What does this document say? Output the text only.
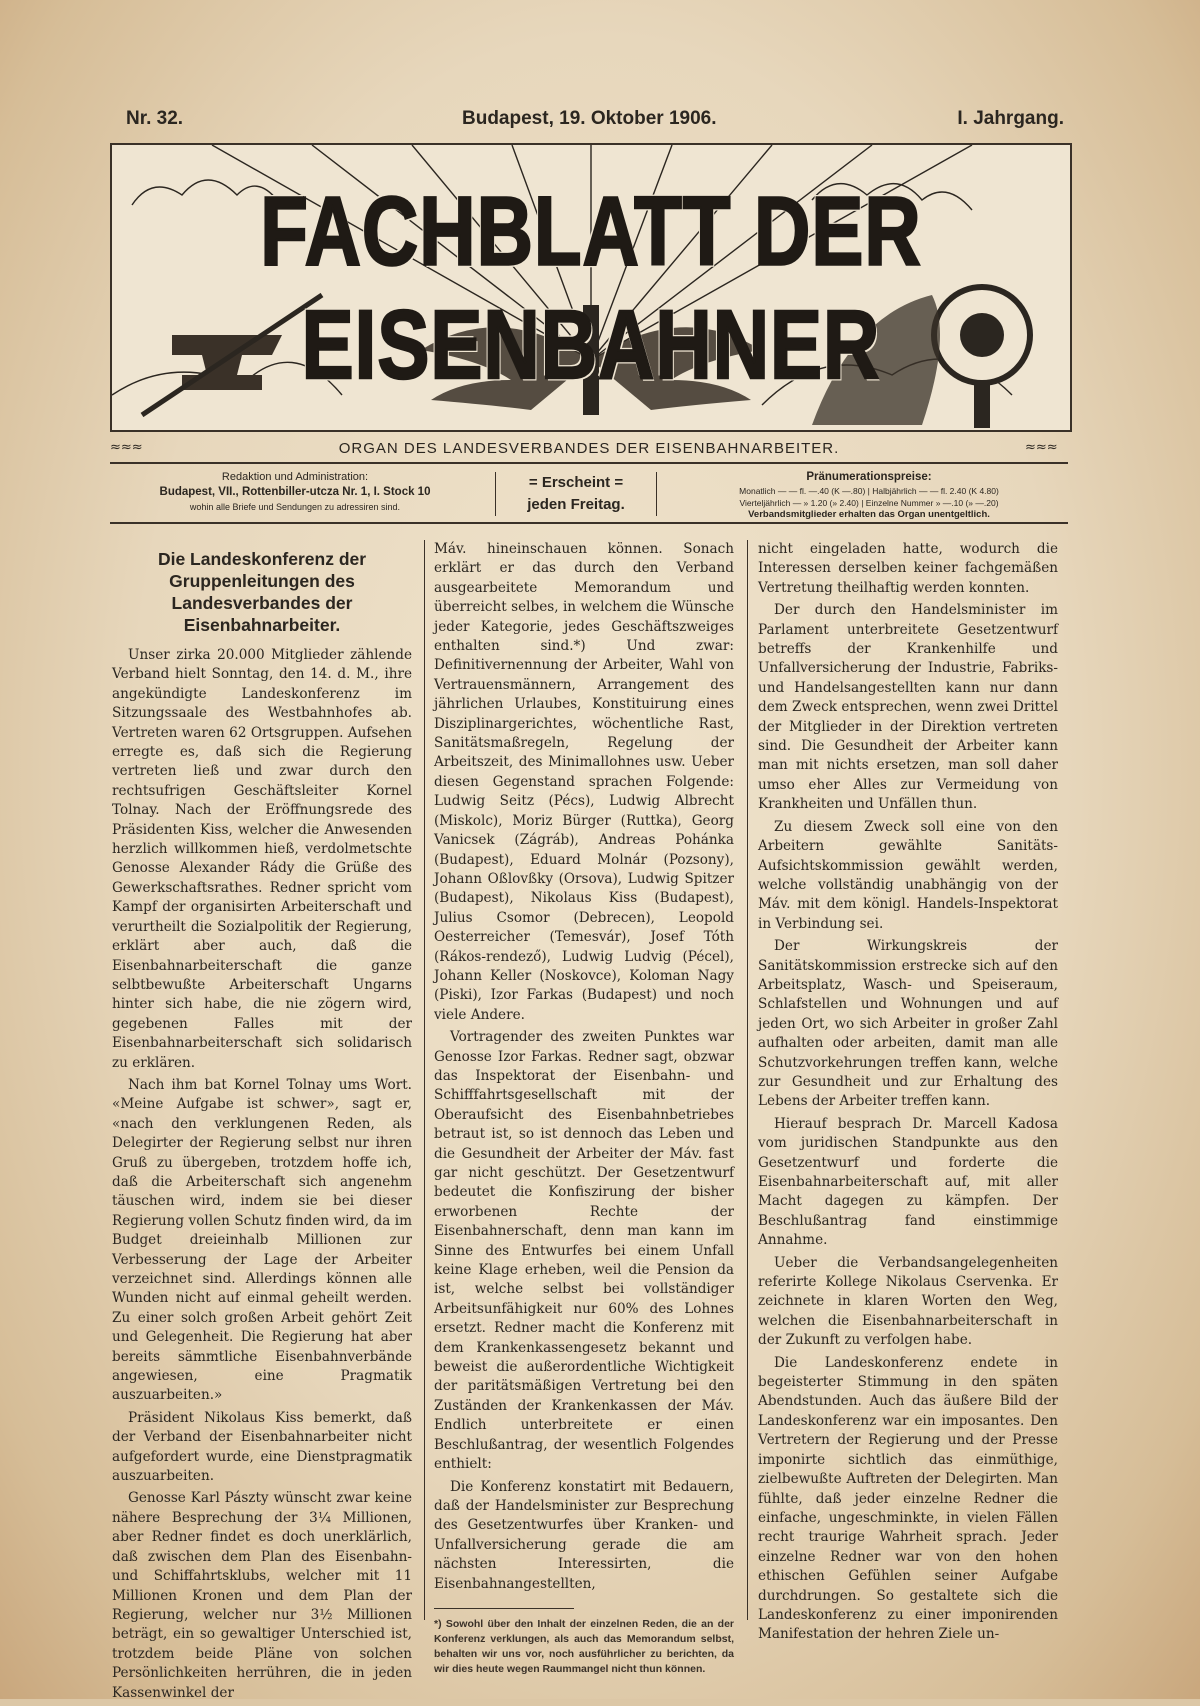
Nr. 32.	Budapest, 19. Oktober 1906.	I. Jahrgang.
FACHBLATT DER EISENBAHNER
≈≈≈	ORGAN DES LANDESVERBANDES DER EISENBAHNARBEITER.	≈≈≈
Redaktion und Administration:
Budapest, VII., Rottenbiller-utcza Nr. 1, I. Stock 10
wohin alle Briefe und Sendungen zu adressiren sind.
= Erscheint =
jeden Freitag.
Pränumerationspreise:
Monatlich — — fl. —.40 (K —.80) | Halbjährlich — — fl. 2.40 (K 4.80)
Vierteljährlich — » 1.20 (» 2.40) | Einzelne Nummer » —.10 (» —.20)
Verbandsmitglieder erhalten das Organ unentgeltlich.
Die Landeskonferenz der Gruppenleitungen des Landesverbandes der Eisenbahnarbeiter.

Unser zirka 20.000 Mitglieder zählende Verband hielt Sonntag, den 14. d. M., ihre angekündigte Landeskonferenz im Sitzungssaale des Westbahnhofes ab. Vertreten waren 62 Ortsgruppen. Aufsehen erregte es, daß sich die Regierung vertreten ließ und zwar durch den rechtsufrigen Geschäftsleiter Kornel Tolnay. Nach der Eröffnungsrede des Präsidenten Kiss, welcher die Anwesenden herzlich willkommen hieß, verdolmetschte Genosse Alexander Rády die Grüße des Gewerkschaftsrathes. Redner spricht vom Kampf der organisirten Arbeiterschaft und verurtheilt die Sozialpolitik der Regierung, erklärt aber auch, daß die Eisenbahnarbeiterschaft die ganze selbtbewußte Arbeiterschaft Ungarns hinter sich habe, die nie zögern wird, gegebenen Falles mit der Eisenbahnarbeiterschaft sich solidarisch zu erklären.

Nach ihm bat Kornel Tolnay ums Wort. «Meine Aufgabe ist schwer», sagt er, «nach den verklungenen Reden, als Delegirter der Regierung selbst nur ihren Gruß zu übergeben, trotzdem hoffe ich, daß die Arbeiterschaft sich angenehm täuschen wird, indem sie bei dieser Regierung vollen Schutz finden wird, da im Budget dreieinhalb Millionen zur Verbesserung der Lage der Arbeiter verzeichnet sind. Allerdings können alle Wunden nicht auf einmal geheilt werden. Zu einer solch großen Arbeit gehört Zeit und Gelegenheit. Die Regierung hat aber bereits sämmtliche Eisenbahnverbände angewiesen, eine Pragmatik auszuarbeiten.»

Präsident Nikolaus Kiss bemerkt, daß der Verband der Eisenbahnarbeiter nicht aufgefordert wurde, eine Dienstpragmatik auszuarbeiten.

Genosse Karl Pászty wünscht zwar keine nähere Besprechung der 3¼ Millionen, aber Redner findet es doch unerklärlich, daß zwischen dem Plan des Eisenbahn- und Schiffahrtsklubs, welcher mit 11 Millionen Kronen und dem Plan der Regierung, welcher nur 3½ Millionen beträgt, ein so gewaltiger Unterschied ist, trotzdem beide Pläne von solchen Persönlichkeiten herrühren, die in jeden Kassenwinkel der

Máv. hineinschauen können. Sonach erklärt er das durch den Verband ausgearbeitete Memorandum und überreicht selbes, in welchem die Wünsche jeder Kategorie, jedes Geschäftszweiges enthalten sind.*) Und zwar: Definitivernennung der Arbeiter, Wahl von Vertrauensmännern, Arrangement des jährlichen Urlaubes, Konstituirung eines Disziplinargerichtes, wöchentliche Rast, Sanitätsmaßregeln, Regelung der Arbeitszeit, des Minimallohnes usw. Ueber diesen Gegenstand sprachen Folgende: Ludwig Seitz (Pécs), Ludwig Albrecht (Miskolc), Moriz Bürger (Ruttka), Georg Vanicsek (Zágráb), Andreas Pohánka (Budapest), Eduard Molnár (Pozsony), Johann Oßlovßky (Orsova), Ludwig Spitzer (Budapest), Nikolaus Kiss (Budapest), Julius Csomor (Debrecen), Leopold Oesterreicher (Temesvár), Josef Tóth (Rákos-rendező), Ludwig Ludvig (Pécel), Johann Keller (Noskovce), Koloman Nagy (Piski), Izor Farkas (Budapest) und noch viele Andere.

Vortragender des zweiten Punktes war Genosse Izor Farkas. Redner sagt, obzwar das Inspektorat der Eisenbahn- und Schifffahrtsgesellschaft mit der Oberaufsicht des Eisenbahnbetriebes betraut ist, so ist dennoch das Leben und die Gesundheit der Arbeiter der Máv. fast gar nicht geschützt. Der Gesetzentwurf bedeutet die Konfiszirung der bisher erworbenen Rechte der Eisenbahnerschaft, denn man kann im Sinne des Entwurfes bei einem Unfall keine Klage erheben, weil die Pension da ist, welche selbst bei vollständiger Arbeitsunfähigkeit nur 60% des Lohnes ersetzt. Redner macht die Konferenz mit dem Krankenkassengesetz bekannt und beweist die außerordentliche Wichtigkeit der paritätsmäßigen Vertretung bei den Zuständen der Krankenkassen der Máv. Endlich unterbreitete er einen Beschlußantrag, der wesentlich Folgendes enthielt:

Die Konferenz konstatirt mit Bedauern, daß der Handelsminister zur Besprechung des Gesetzentwurfes über Kranken- und Unfallversicherung gerade die am nächsten Interessirten, die Eisenbahnangestellten,

*) Sowohl über den Inhalt der einzelnen Reden, die an der Konferenz verklungen, als auch das Memorandum selbst, behalten wir uns vor, noch ausführlicher zu berichten, da wir dies heute wegen Raummangel nicht thun können.

nicht eingeladen hatte, wodurch die Interessen derselben keiner fachgemäßen Vertretung theilhaftig werden konnten.

Der durch den Handelsminister im Parlament unterbreitete Gesetzentwurf betreffs der Krankenhilfe und Unfallversicherung der Industrie, Fabriks- und Handelsangestellten kann nur dann dem Zweck entsprechen, wenn zwei Drittel der Mitglieder in der Direktion vertreten sind. Die Gesundheit der Arbeiter kann man mit nichts ersetzen, man soll daher umso eher Alles zur Vermeidung von Krankheiten und Unfällen thun.

Zu diesem Zweck soll eine von den Arbeitern gewählte Sanitäts-Aufsichtskommission gewählt werden, welche vollständig unabhängig von der Máv. mit dem königl. Handels-Inspektorat in Verbindung sei.

Der Wirkungskreis der Sanitätskommission erstrecke sich auf den Arbeitsplatz, Wasch- und Speiseraum, Schlafstellen und Wohnungen und auf jeden Ort, wo sich Arbeiter in großer Zahl aufhalten oder arbeiten, damit man alle Schutzvorkehrungen treffen kann, welche zur Gesundheit und zur Erhaltung des Lebens der Arbeiter treffen kann.

Hierauf besprach Dr. Marcell Kadosa vom juridischen Standpunkte aus den Gesetzentwurf und forderte die Eisenbahnarbeiterschaft auf, mit aller Macht dagegen zu kämpfen. Der Beschlußantrag fand einstimmige Annahme.

Ueber die Verbandsangelegenheiten referirte Kollege Nikolaus Cservenka. Er zeichnete in klaren Worten den Weg, welchen die Eisenbahnarbeiterschaft in der Zukunft zu verfolgen habe.

Die Landeskonferenz endete in begeisterter Stimmung in den späten Abendstunden. Auch das äußere Bild der Landeskonferenz war ein imposantes. Den Vertretern der Regierung und der Presse imponirte sichtlich das einmüthige, zielbewußte Auftreten der Delegirten. Man fühlte, daß jeder einzelne Redner die einfache, ungeschminkte, in vielen Fällen recht traurige Wahrheit sprach. Jeder einzelne Redner war von den hohen ethischen Gefühlen seiner Aufgabe durchdrungen. So gestaltete sich die Landeskonferenz zu einer imponirenden Manifestation der hehren Ziele un-
